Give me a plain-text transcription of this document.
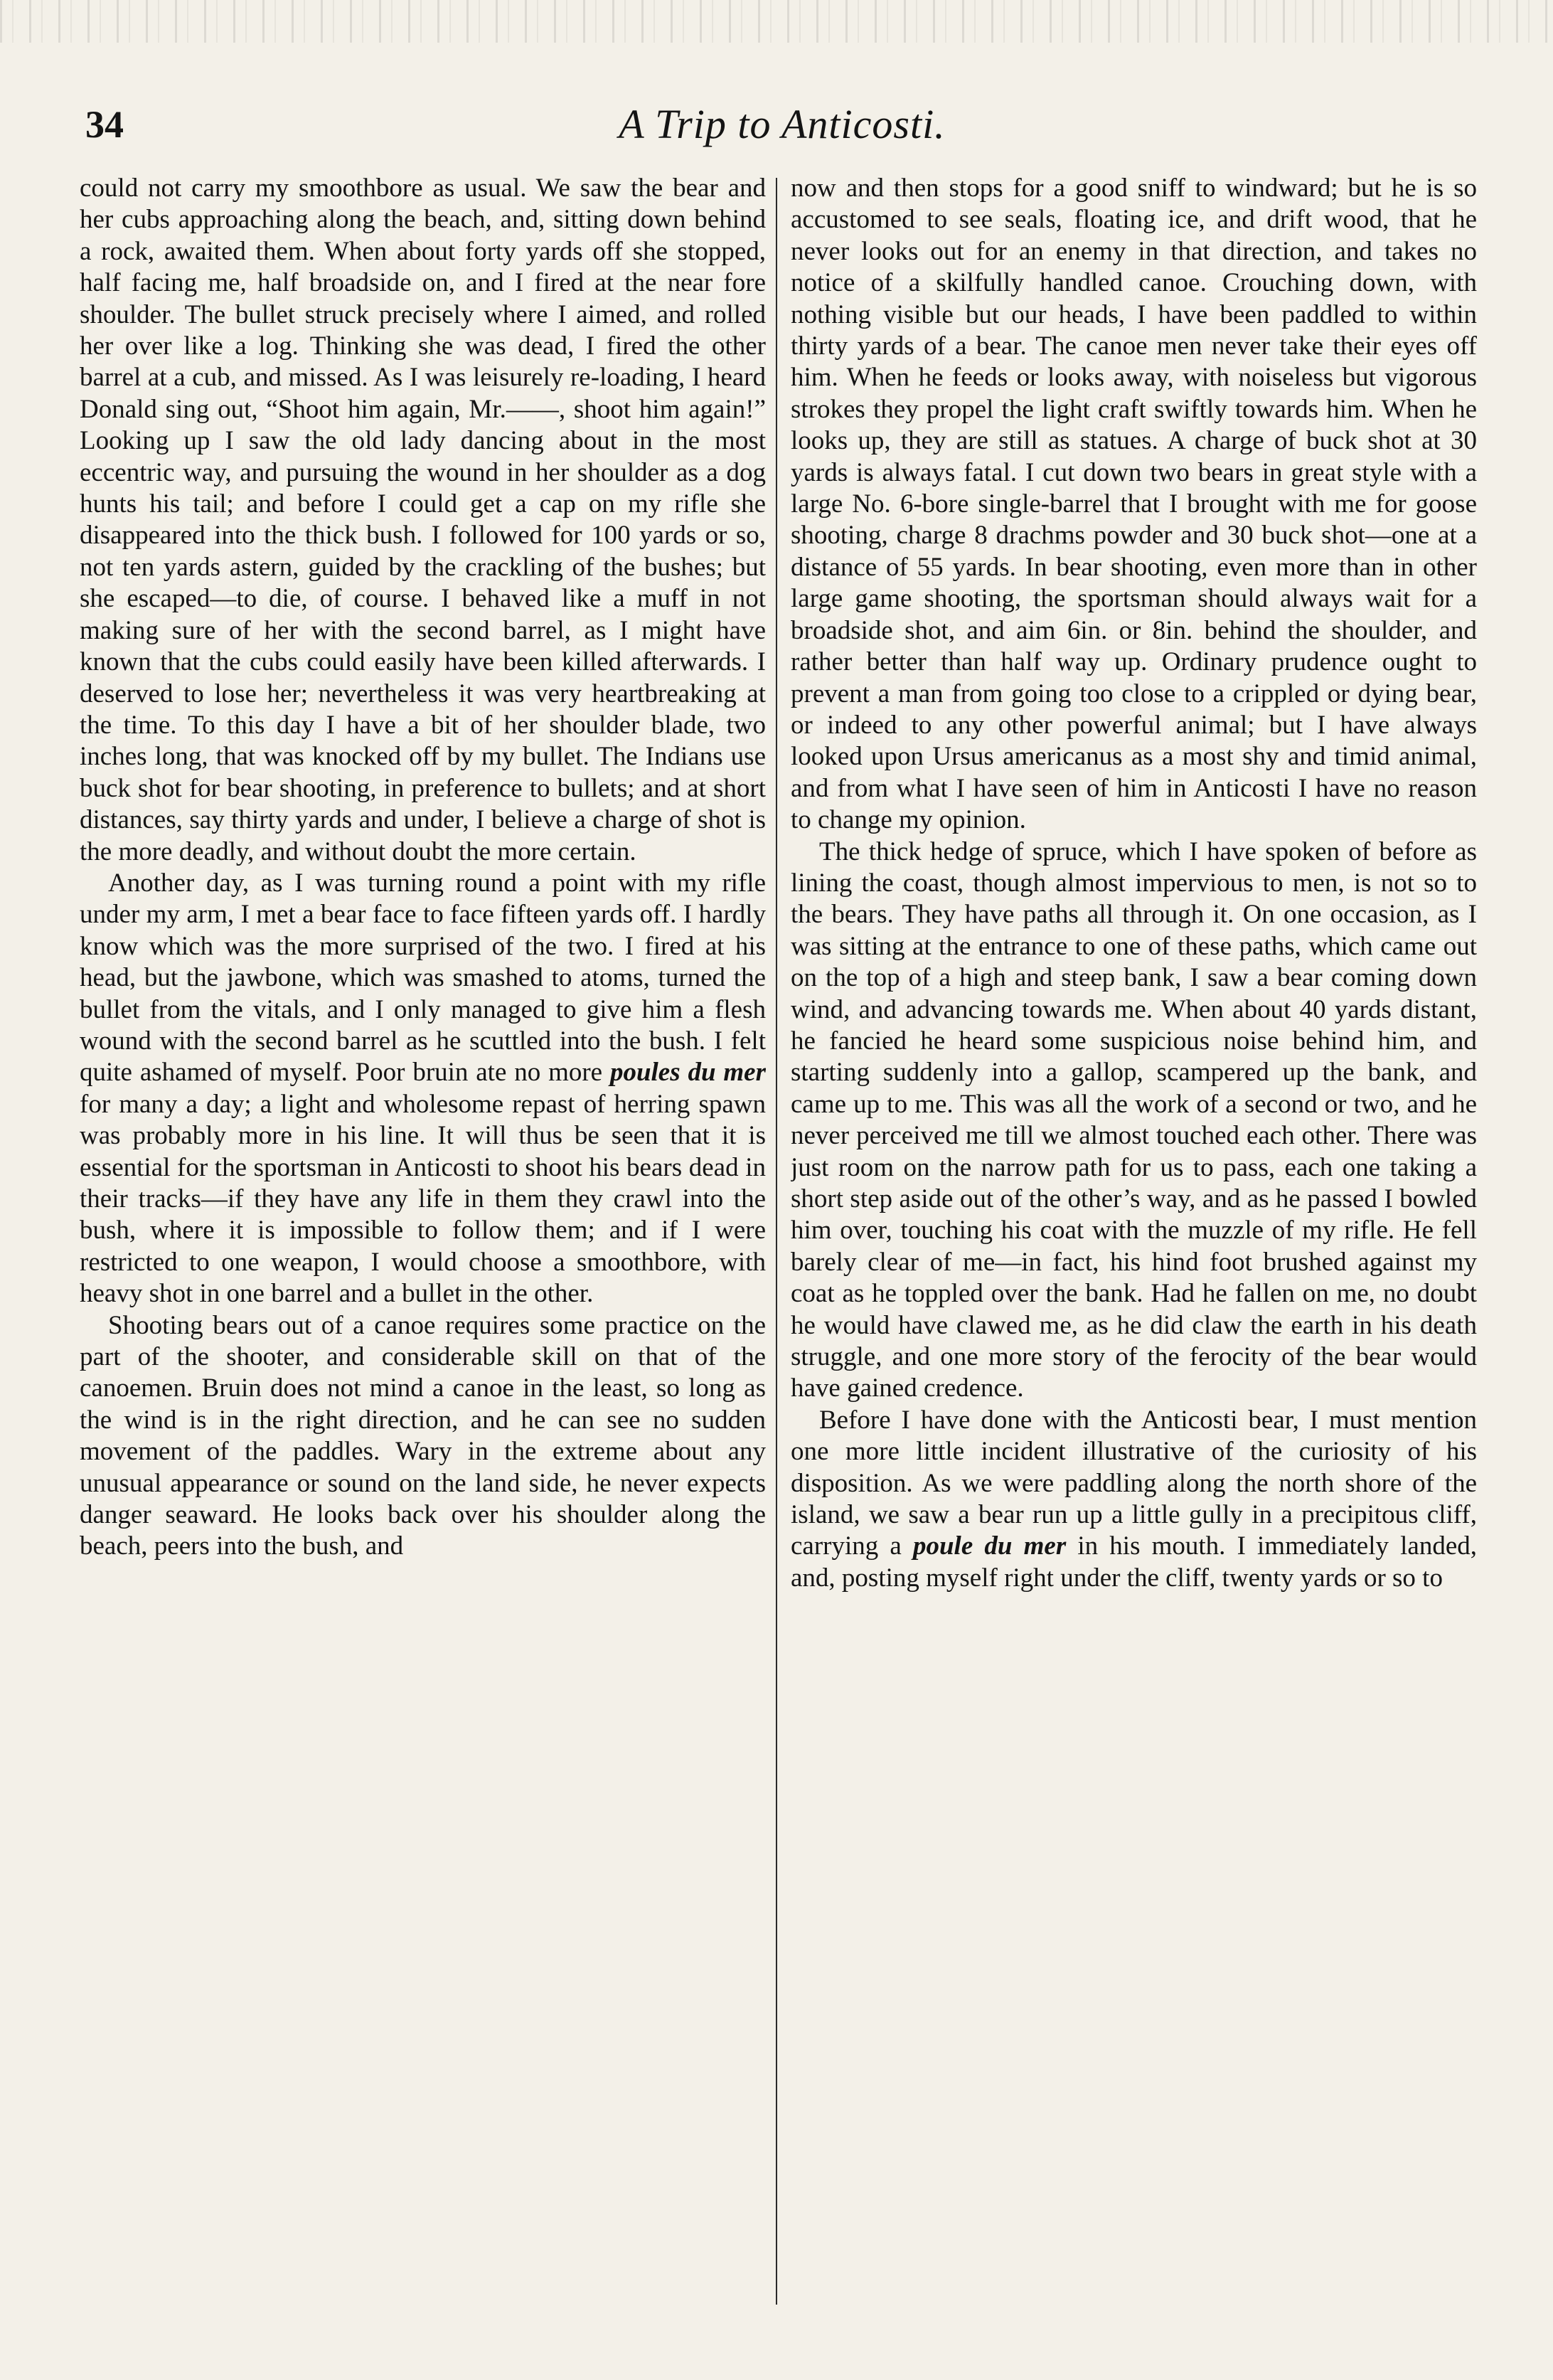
34	A Trip to Anticosti.

could not carry my smoothbore as usual. We saw the bear and her cubs approaching along the beach, and, sitting down behind a rock, awaited them. When about forty yards off she stopped, half facing me, half broadside on, and I fired at the near fore shoulder. The bullet struck precisely where I aimed, and rolled her over like a log. Thinking she was dead, I fired the other barrel at a cub, and missed. As I was leisurely re-loading, I heard Donald sing out, “Shoot him again, Mr.——, shoot him again!” Looking up I saw the old lady dancing about in the most eccentric way, and pursuing the wound in her shoulder as a dog hunts his tail; and before I could get a cap on my rifle she disappeared into the thick bush. I followed for 100 yards or so, not ten yards astern, guided by the crackling of the bushes; but she escaped—to die, of course. I behaved like a muff in not making sure of her with the second barrel, as I might have known that the cubs could easily have been killed afterwards. I deserved to lose her; nevertheless it was very heartbreaking at the time. To this day I have a bit of her shoulder blade, two inches long, that was knocked off by my bullet. The Indians use buck shot for bear shooting, in preference to bullets; and at short distances, say thirty yards and under, I believe a charge of shot is the more deadly, and without doubt the more certain.

Another day, as I was turning round a point with my rifle under my arm, I met a bear face to face fifteen yards off. I hardly know which was the more surprised of the two. I fired at his head, but the jawbone, which was smashed to atoms, turned the bullet from the vitals, and I only managed to give him a flesh wound with the second barrel as he scuttled into the bush. I felt quite ashamed of myself. Poor bruin ate no more poules du mer for many a day; a light and wholesome repast of herring spawn was probably more in his line. It will thus be seen that it is essential for the sportsman in Anticosti to shoot his bears dead in their tracks—if they have any life in them they crawl into the bush, where it is impossible to follow them; and if I were restricted to one weapon, I would choose a smoothbore, with heavy shot in one barrel and a bullet in the other.

Shooting bears out of a canoe requires some practice on the part of the shooter, and considerable skill on that of the canoemen. Bruin does not mind a canoe in the least, so long as the wind is in the right direction, and he can see no sudden movement of the paddles. Wary in the extreme about any unusual appearance or sound on the land side, he never expects danger seaward. He looks back over his shoulder along the beach, peers into the bush, and

now and then stops for a good sniff to windward; but he is so accustomed to see seals, floating ice, and drift wood, that he never looks out for an enemy in that direction, and takes no notice of a skilfully handled canoe. Crouching down, with nothing visible but our heads, I have been paddled to within thirty yards of a bear. The canoe men never take their eyes off him. When he feeds or looks away, with noiseless but vigorous strokes they propel the light craft swiftly towards him. When he looks up, they are still as statues. A charge of buck shot at 30 yards is always fatal. I cut down two bears in great style with a large No. 6-bore single-barrel that I brought with me for goose shooting, charge 8 drachms powder and 30 buck shot—one at a distance of 55 yards. In bear shooting, even more than in other large game shooting, the sportsman should always wait for a broadside shot, and aim 6in. or 8in. behind the shoulder, and rather better than half way up. Ordinary prudence ought to prevent a man from going too close to a crippled or dying bear, or indeed to any other powerful animal; but I have always looked upon Ursus americanus as a most shy and timid animal, and from what I have seen of him in Anticosti I have no reason to change my opinion.

The thick hedge of spruce, which I have spoken of before as lining the coast, though almost impervious to men, is not so to the bears. They have paths all through it. On one occasion, as I was sitting at the entrance to one of these paths, which came out on the top of a high and steep bank, I saw a bear coming down wind, and advancing towards me. When about 40 yards distant, he fancied he heard some suspicious noise behind him, and starting suddenly into a gallop, scampered up the bank, and came up to me. This was all the work of a second or two, and he never perceived me till we almost touched each other. There was just room on the narrow path for us to pass, each one taking a short step aside out of the other’s way, and as he passed I bowled him over, touching his coat with the muzzle of my rifle. He fell barely clear of me—in fact, his hind foot brushed against my coat as he toppled over the bank. Had he fallen on me, no doubt he would have clawed me, as he did claw the earth in his death struggle, and one more story of the ferocity of the bear would have gained credence.

Before I have done with the Anticosti bear, I must mention one more little incident illustrative of the curiosity of his disposition. As we were paddling along the north shore of the island, we saw a bear run up a little gully in a precipitous cliff, carrying a poule du mer in his mouth. I immediately landed, and, posting myself right under the cliff, twenty yards or so to
